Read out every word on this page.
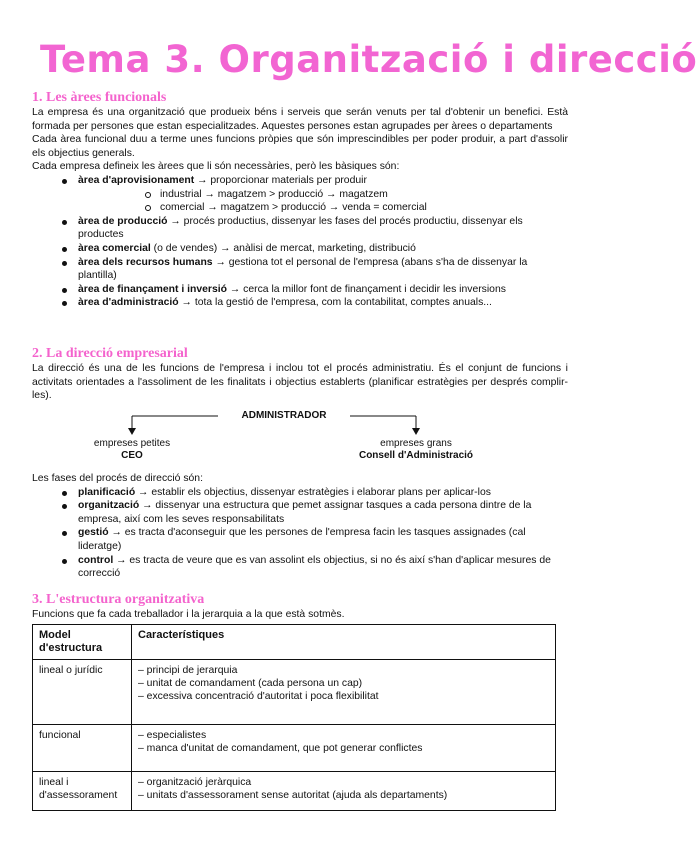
Tema 3. Organització i direcció
1. Les àrees funcionals

La empresa és una organització que produeix béns i serveis que serán venuts per tal d'obtenir un benefici. Està formada per persones que estan especialitzades. Aquestes persones estan agrupades per àrees o departaments

Cada àrea funcional duu a terme unes funcions pròpies que són imprescindibles per poder produir, a part d'assolir els objectius generals.

Cada empresa defineix les àrees que li són necessàries, però les bàsiques són:

àrea d'aprovisionament → proporcionar materials per produir
industrial → magatzem > producció → magatzem
comercial → magatzem > producció → venda = comercial
àrea de producció → procés productius, dissenyar les fases del procés productiu, dissenyar els productes
àrea comercial (o de vendes) → anàlisi de mercat, marketing, distribució
àrea dels recursos humans → gestiona tot el personal de l'empresa (abans s'ha de dissenyar la plantilla)
àrea de finançament i inversió → cerca la millor font de finançament i decidir les inversions
àrea d'administració → tota la gestió de l'empresa, com la contabilitat, comptes anuals...
2. La direcció empresarial

La direcció és una de les funcions de l'empresa i inclou tot el procés administratiu. És el conjunt de funcions i activitats orientades a l'assoliment de les finalitats i objectius establerts (planificar estratègies per després complir-les).

ADMINISTRADOR
empreses petites
CEO
empreses grans
Consell d'Administració

Les fases del procés de direcció són:

planificació → establir els objectius, dissenyar estratègies i elaborar plans per aplicar-los
organització → dissenyar una estructura que pemet assignar tasques a cada persona dintre de la empresa, així com les seves responsabilitats
gestió → es tracta d'aconseguir que les persones de l'empresa facin les tasques assignades (cal lideratge)
control → es tracta de veure que es van assolint els objectius, si no és així s'han d'aplicar mesures de correcció
3. L'estructura organitzativa

Funcions que fa cada treballador i la jerarquia a la que està sotmès.

Model d'estructura	Característiques
lineal o jurídic	– principi de jerarquia
– unitat de comandament (cada persona un cap)
– excessiva concentració d'autoritat i poca flexibilitat

funcional	– especialistes
– manca d'unitat de comandament, que pot generar conflictes

lineal i d'assessorament	– organització jeràrquica
– unitats d'assessorament sense autoritat (ajuda als departaments)
